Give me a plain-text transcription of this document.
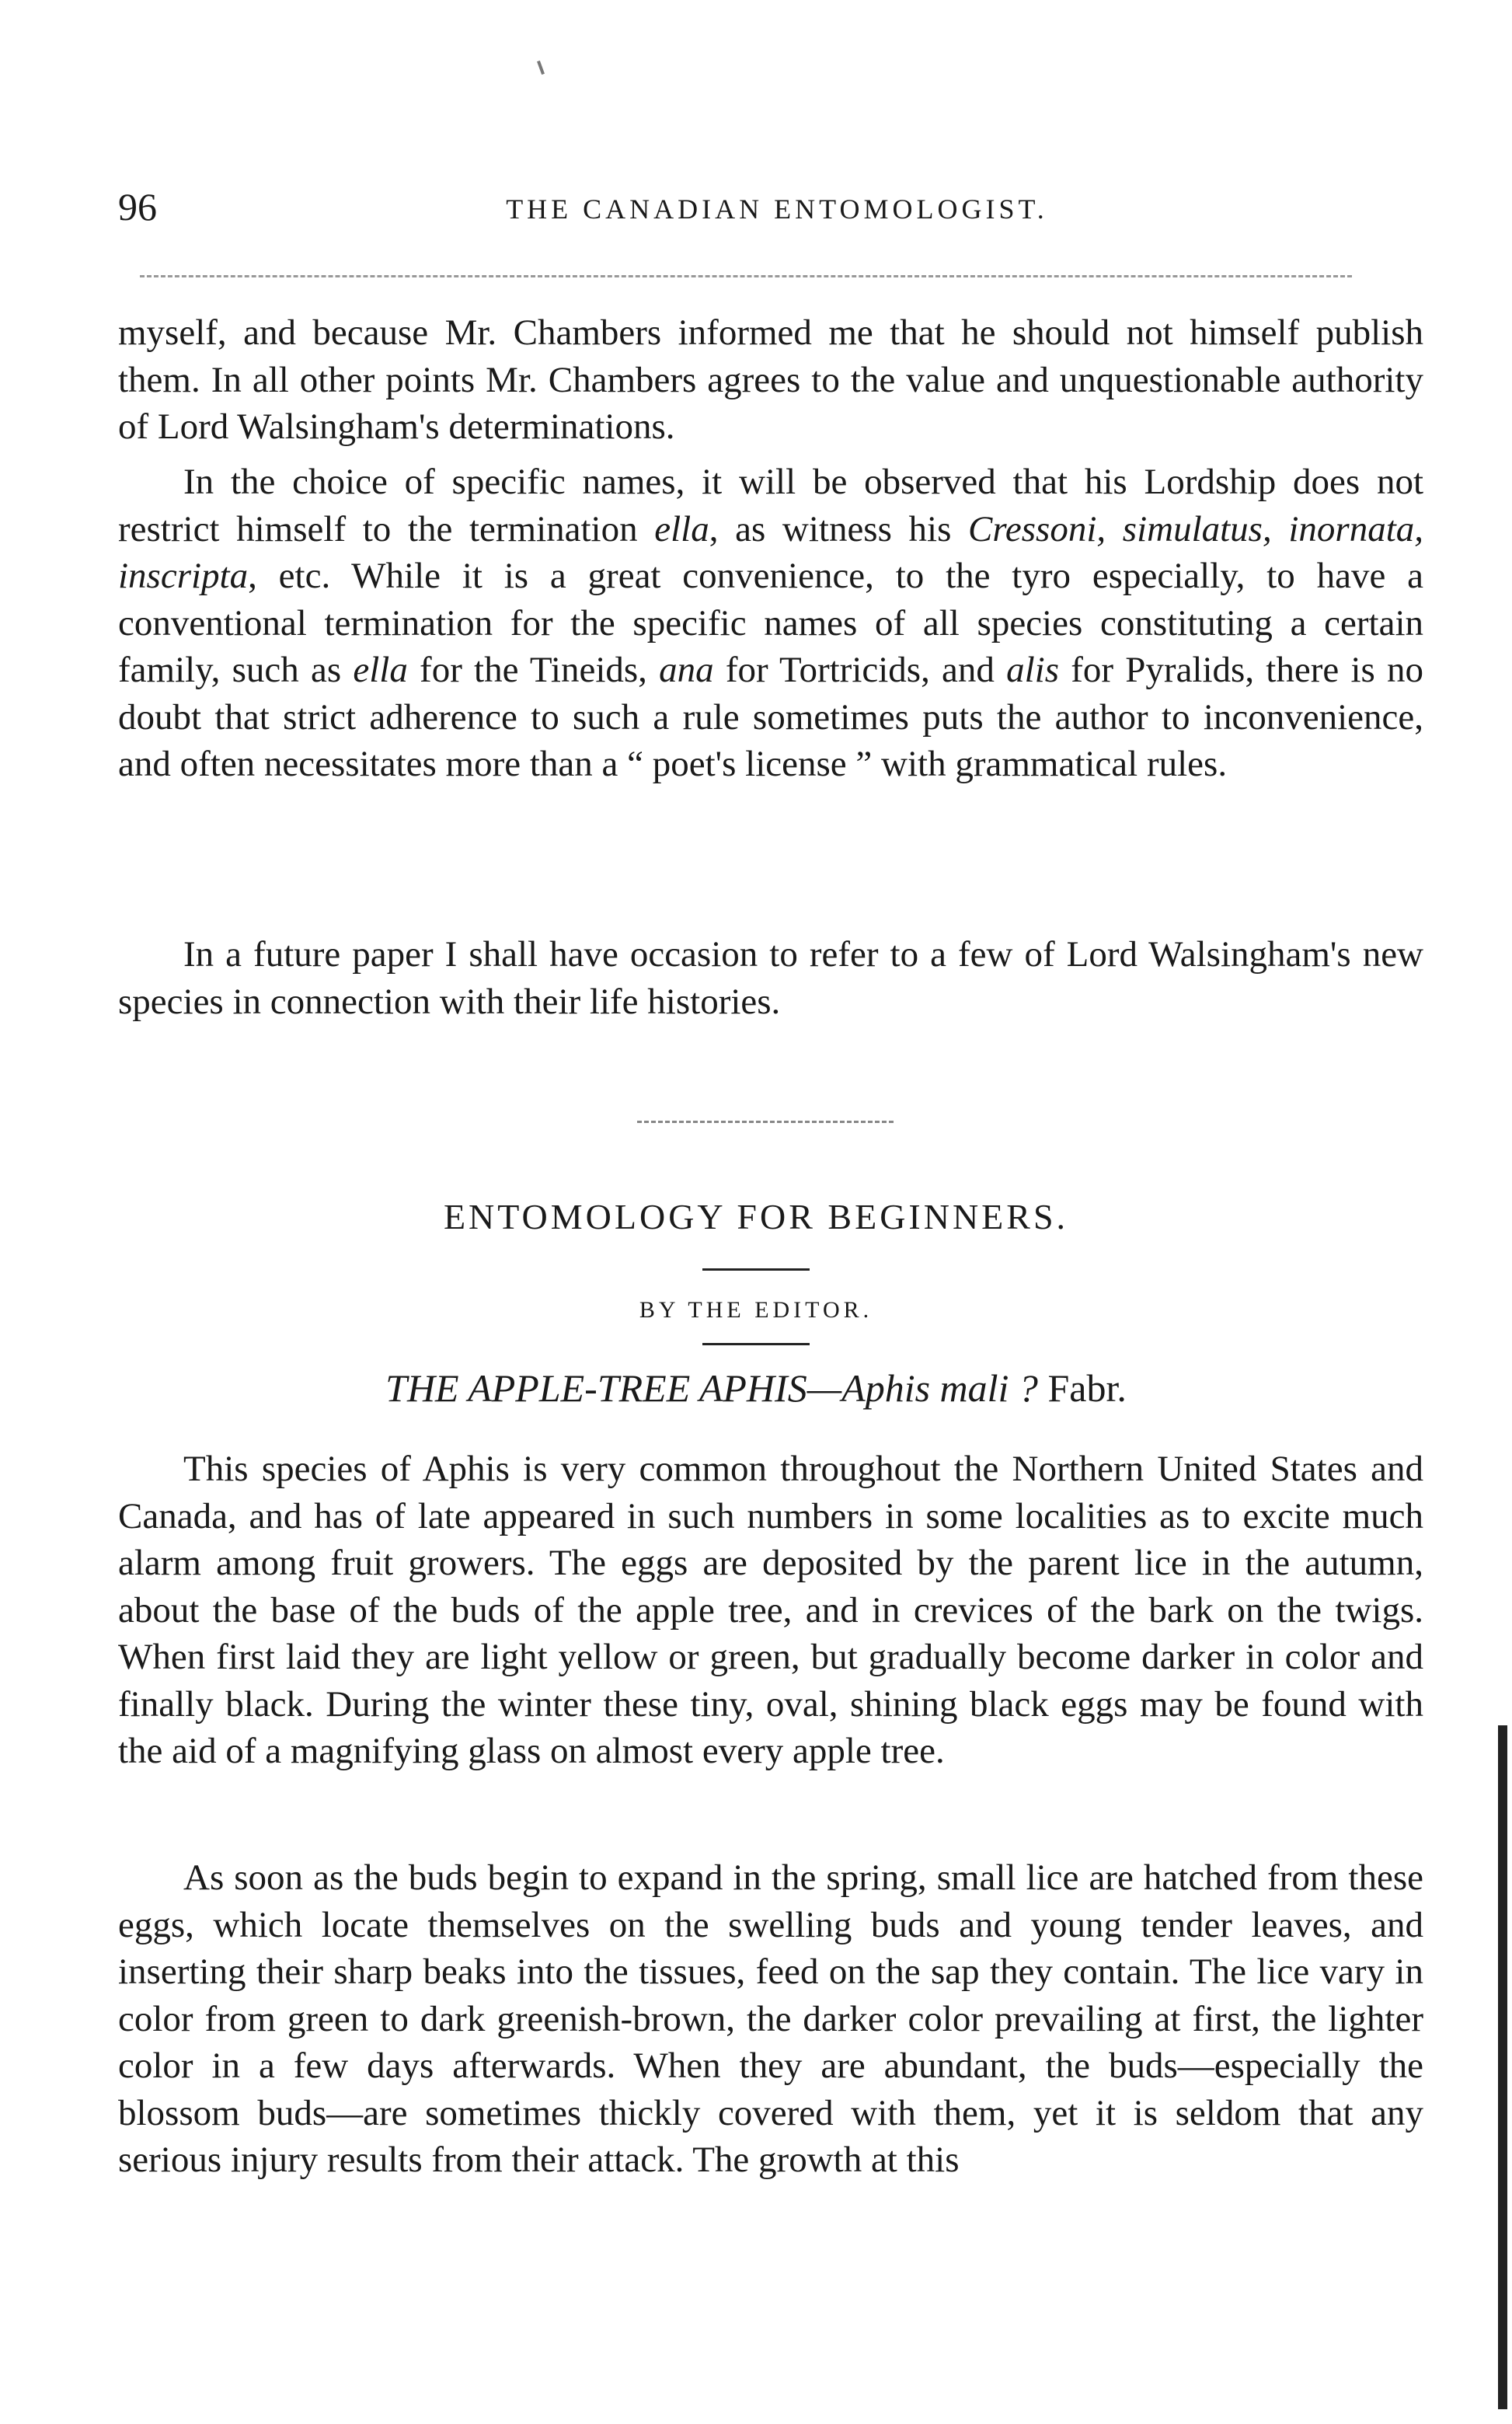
96	THE CANADIAN ENTOMOLOGIST.

myself, and because Mr. Chambers informed me that he should not himself publish them. In all other points Mr. Chambers agrees to the value and unquestionable authority of Lord Walsingham's determinations.

In the choice of specific names, it will be observed that his Lordship does not restrict himself to the termination ella, as witness his Cressoni, simulatus, inornata, inscripta, etc. While it is a great convenience, to the tyro especially, to have a conventional termination for the specific names of all species constituting a certain family, such as ella for the Tineids, ana for Tortricids, and alis for Pyralids, there is no doubt that strict adherence to such a rule sometimes puts the author to inconvenience, and often necessitates more than a “ poet's license ” with grammatical rules.

In a future paper I shall have occasion to refer to a few of Lord Walsingham's new species in connection with their life histories.

ENTOMOLOGY FOR BEGINNERS.
BY THE EDITOR.
THE APPLE-TREE APHIS—Aphis mali ? Fabr.

This species of Aphis is very common throughout the Northern United States and Canada, and has of late appeared in such numbers in some localities as to excite much alarm among fruit growers. The eggs are deposited by the parent lice in the autumn, about the base of the buds of the apple tree, and in crevices of the bark on the twigs. When first laid they are light yellow or green, but gradually become darker in color and finally black. During the winter these tiny, oval, shining black eggs may be found with the aid of a magnifying glass on almost every apple tree.

As soon as the buds begin to expand in the spring, small lice are hatched from these eggs, which locate themselves on the swelling buds and young tender leaves, and inserting their sharp beaks into the tissues, feed on the sap they contain. The lice vary in color from green to dark greenish-brown, the darker color prevailing at first, the lighter color in a few days afterwards. When they are abundant, the buds—especially the blossom buds—are sometimes thickly covered with them, yet it is seldom that any serious injury results from their attack. The growth at this
